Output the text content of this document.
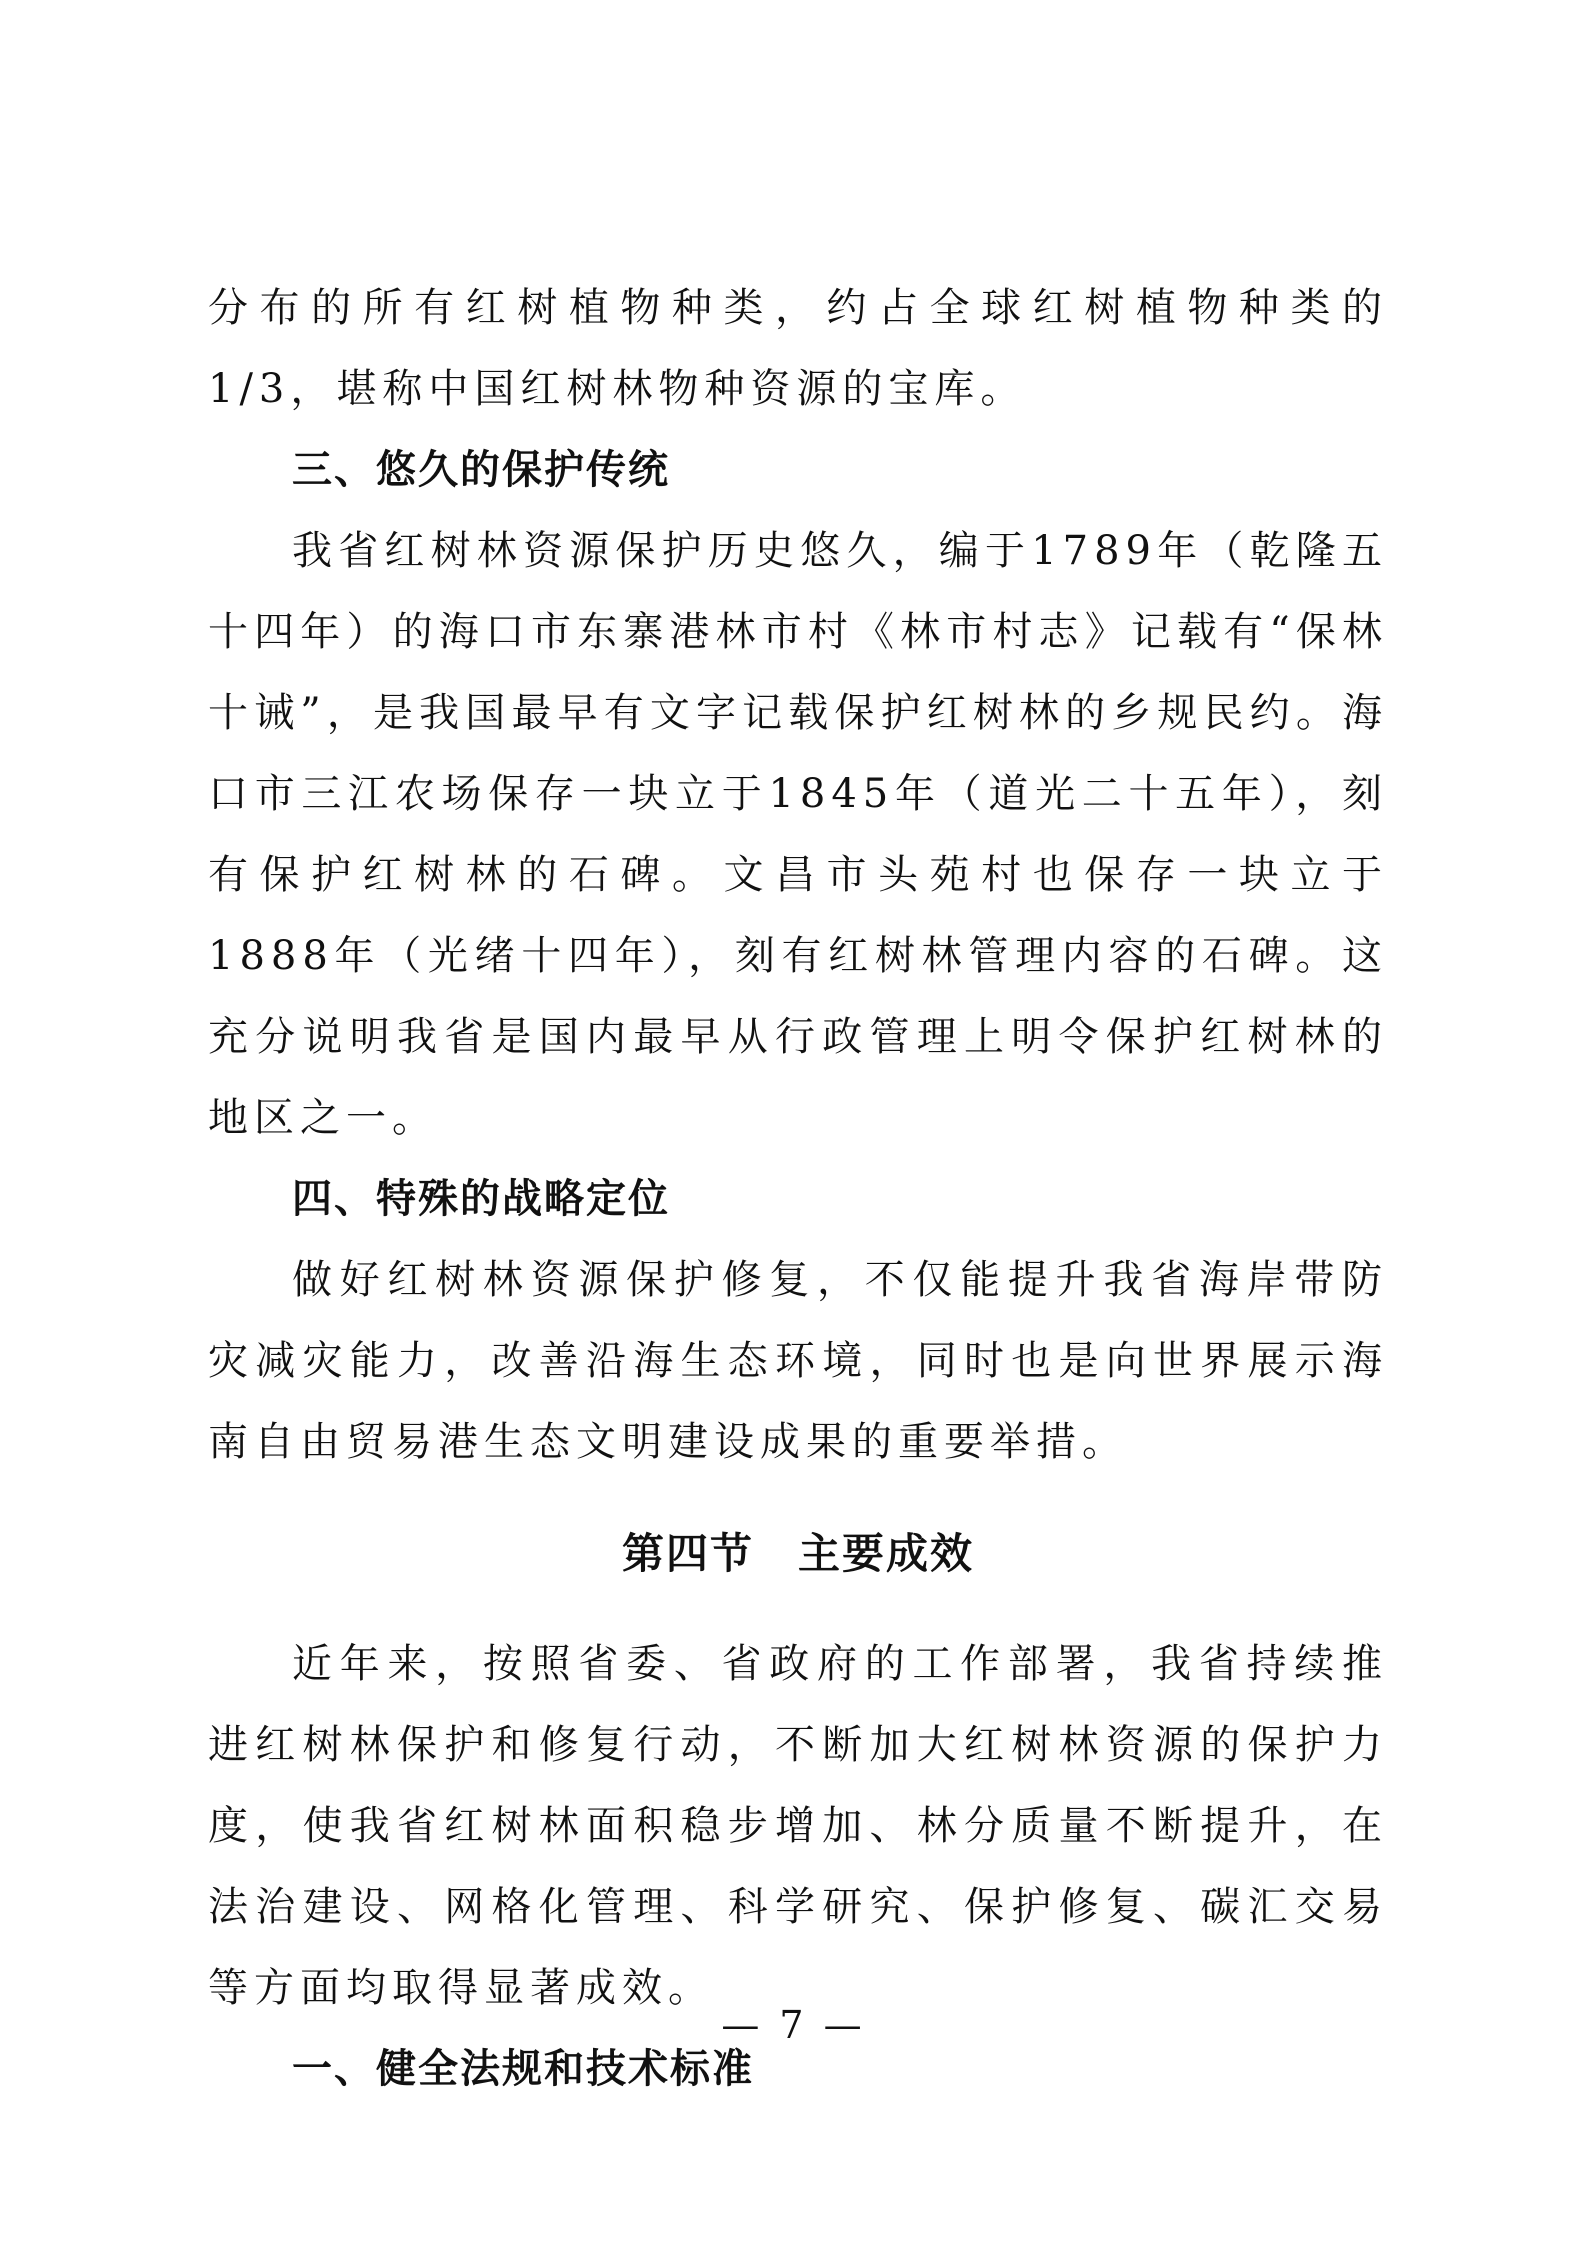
分布的所有红树植物种类，约占全球红树植物种类的1/3，堪称中国红树林物种资源的宝库。

三、悠久的保护传统

我省红树林资源保护历史悠久，编于1789年（乾隆五十四年）的海口市东寨港林市村《林市村志》记载有“保林十诫”，是我国最早有文字记载保护红树林的乡规民约。海口市三江农场保存一块立于1845年（道光二十五年），刻有保护红树林的石碑。文昌市头苑村也保存一块立于1888年（光绪十四年），刻有红树林管理内容的石碑。这充分说明我省是国内最早从行政管理上明令保护红树林的地区之一。

四、特殊的战略定位

做好红树林资源保护修复，不仅能提升我省海岸带防灾减灾能力，改善沿海生态环境，同时也是向世界展示海南自由贸易港生态文明建设成果的重要举措。

第四节　主要成效

近年来，按照省委、省政府的工作部署，我省持续推进红树林保护和修复行动，不断加大红树林资源的保护力度，使我省红树林面积稳步增加、林分质量不断提升，在法治建设、网格化管理、科学研究、保护修复、碳汇交易等方面均取得显著成效。

一、健全法规和技术标准

— 7 —
